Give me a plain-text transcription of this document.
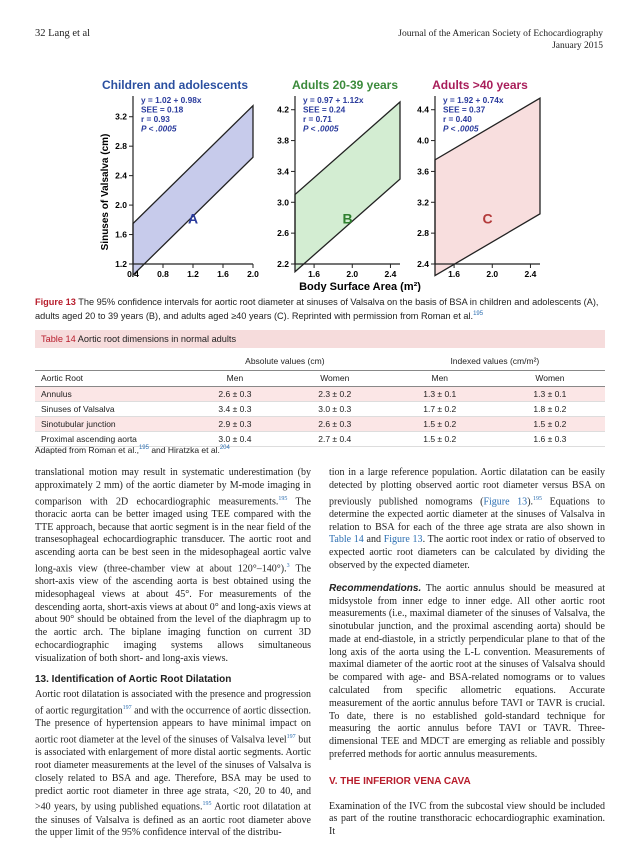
32 Lang et al	Journal of the American Society of Echocardiography
January 2015
Children and adolescents
1.2
1.6
2.0
2.4
2.8
3.2
0.4 0.8 1.2 1.6 2.0
y = 1.02 + 0.98x
SEE = 0.18
r = 0.93
P < .0005
A
Adults 20-39 years
2.2
2.6
3.0
3.4
3.8
4.2
1.6	2.0	2.4
y = 0.97 + 1.12x
SEE = 0.24
r = 0.71
P < .0005
B
Adults >40 years
2.4
2.8
3.2
3.6
4.0
4.4
1.6	2.0	2.4
y = 1.92 + 0.74x
SEE = 0.37
r = 0.40
P < .0005
C
Sinuses of Valsalva (cm)
Body Surface Area (m²)
Figure 13 The 95% confidence intervals for aortic root diameter at sinuses of Valsalva on the basis of BSA in children and adolescents (A), adults aged 20 to 39 years (B), and adults aged ≥40 years (C). Reprinted with permission from Roman et al.$^{195}$
Table 14 Aortic root dimensions in normal adults
	Absolute values (cm)		Indexed values (cm/m²)	
Aortic Root	Men	Women	Men	Women
Annulus	2.6 ± 0.3	2.3 ± 0.2	1.3 ± 0.1	1.3 ± 0.1
Sinuses of Valsalva	3.4 ± 0.3	3.0 ± 0.3	1.7 ± 0.2	1.8 ± 0.2
Sinotubular junction	2.9 ± 0.3	2.6 ± 0.3	1.5 ± 0.2	1.5 ± 0.2
Proximal ascending aorta	3.0 ± 0.4	2.7 ± 0.4	1.5 ± 0.2	1.6 ± 0.3
Adapted from Roman et al.,$^{195}$ and Hiratzka et al.$^{204}$

translational motion may result in systematic underestimation (by approximately 2 mm) of the aortic diameter by M-mode imaging in comparison with 2D echocardiographic measurements.$^{195}$ The thoracic aorta can be better imaged using TEE compared with the TTE approach, because that aortic segment is in the near field of the transesophageal echocardiographic transducer. The aortic root and ascending aorta can be best seen in the midesophageal aortic valve long-axis view (three-chamber view at about 120°–140°).$^3$ The short-axis view of the ascending aorta is best obtained using the midesophageal views at about 45°. For measurements of the descending aorta, short-axis views at about 0° and long-axis views at about 90° should be obtained from the level of the diaphragm up to the aortic arch. The biplane imaging function on current 3D echocardiographic imaging systems allows simultaneous visualization of both short- and long-axis views.

13. Identification of Aortic Root Dilatation

Aortic root dilatation is associated with the presence and progression of aortic regurgitation$^{197}$ and with the occurrence of aortic dissection. The presence of hypertension appears to have minimal impact on aortic root diameter at the level of the sinuses of Valsalva level$^{197}$ but is associated with enlargement of more distal aortic segments. Aortic root diameter measurements at the level of the sinuses of Valsalva is closely related to BSA and age. Therefore, BSA may be used to predict aortic root diameter in three age strata, <20, 20 to 40, and >40 years, by using published equations.$^{195}$ Aortic root dilatation at the sinuses of Valsalva is defined as an aortic root diameter above the upper limit of the 95% confidence interval of the distribu-

tion in a large reference population. Aortic dilatation can be easily detected by plotting observed aortic root diameter versus BSA on previously published nomograms (Figure 13).$^{195}$ Equations to determine the expected aortic diameter at the sinuses of Valsalva in relation to BSA for each of the three age strata are also shown in Table 14 and Figure 13. The aortic root index or ratio of observed to expected aortic root diameters can be calculated by dividing the observed by the expected diameter.

Recommendations. The aortic annulus should be measured at midsystole from inner edge to inner edge. All other aortic root measurements (i.e., maximal diameter of the sinuses of Valsalva, the sinotubular junction, and the proximal ascending aorta) should be made at end-diastole, in a strictly perpendicular plane to that of the long axis of the aorta using the L-L convention. Measurements of maximal diameter of the aortic root at the sinuses of Valsalva should be compared with age- and BSA-related nomograms or to values calculated from specific allometric equations. Accurate measurement of the aortic annulus before TAVI or TAVR is crucial. To date, there is no established gold-standard technique for measuring the aortic annulus before TAVI or TAVR. Three-dimensional TEE and MDCT are emerging as reliable and possibly preferred methods for aortic annulus measurements.

V. THE INFERIOR VENA CAVA

Examination of the IVC from the subcostal view should be included as part of the routine transthoracic echocardiographic examination. It
